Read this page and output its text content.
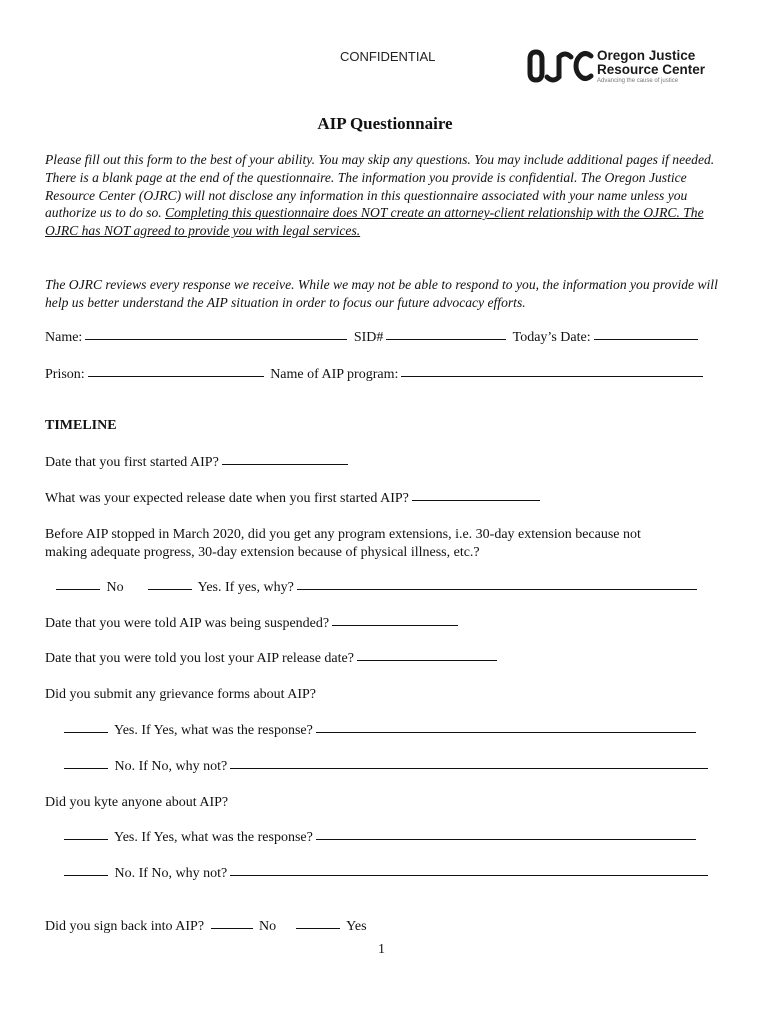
CONFIDENTIAL	Oregon Justice
Resource Center
Advancing the cause of justice
AIP Questionnaire
Please fill out this form to the best of your ability. You may skip any questions. You may include additional pages if needed. There is a blank page at the end of the questionnaire. The information you provide is confidential. The Oregon Justice Resource Center (OJRC) will not disclose any information in this questionnaire associated with your name unless you authorize us to do so. Completing this questionnaire does NOT create an attorney-client relationship with the OJRC. The OJRC has NOT agreed to provide you with legal services.
The OJRC reviews every response we receive. While we may not be able to respond to you, the information you provide will help us better understand the AIP situation in order to focus our future advocacy efforts.
Name:	SID#	Today’s Date:
Prison:	Name of AIP program:
TIMELINE
Date that you first started AIP?
What was your expected release date when you first started AIP?
Before AIP stopped in March 2020, did you get any program extensions, i.e. 30-day extension because not
making adequate progress, 30-day extension because of physical illness, etc.?
No	Yes. If yes, why?
Date that you were told AIP was being suspended?
Date that you were told you lost your AIP release date?
Did you submit any grievance forms about AIP?
Yes. If Yes, what was the response?
No. If No, why not?
Did you kyte anyone about AIP?
Yes. If Yes, what was the response?
No. If No, why not?
Did you sign back into AIP?	No	Yes
1
